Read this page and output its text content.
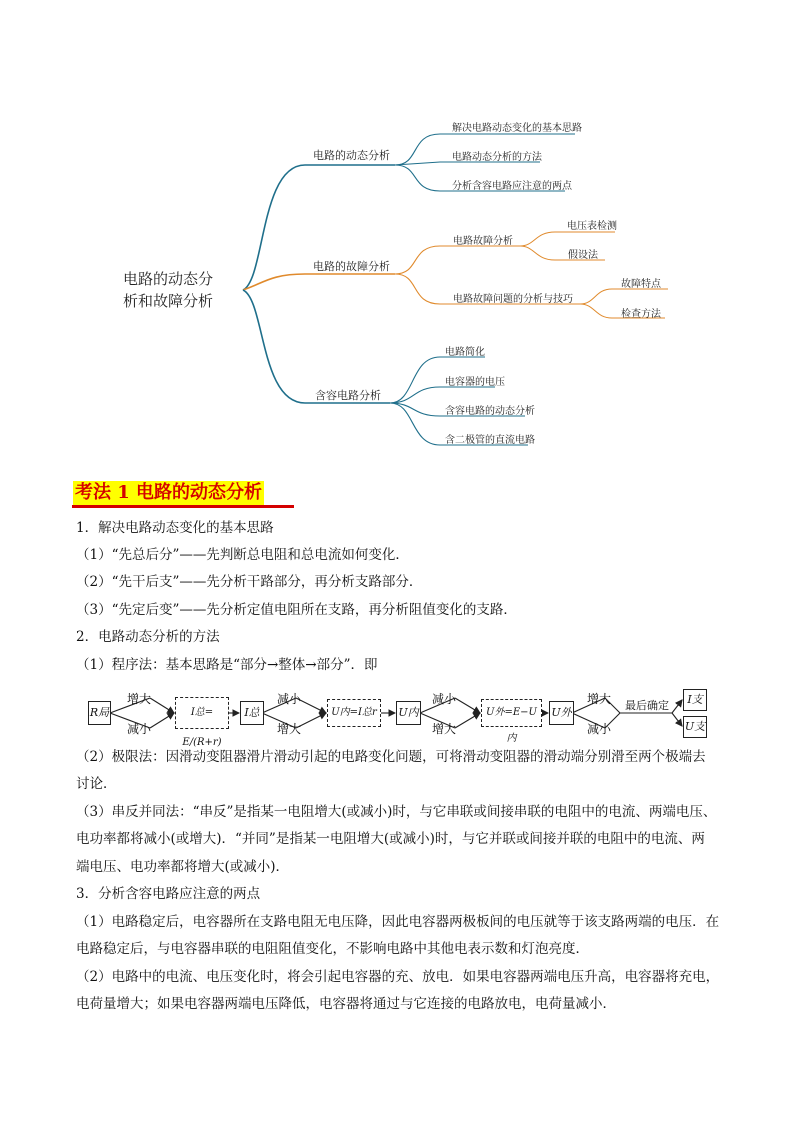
电路的动态分
析和故障分析
电路的动态分析
解决电路动态变化的基本思路
电路动态分析的方法
分析含容电路应注意的两点
电路的故障分析
电路故障分析
电路故障问题的分析与技巧
电压表检测
假设法
故障特点
检查方法
含容电路分析
电路简化
电容器的电压
含容电路的动态分析
含二极管的直流电路
考法 1 电路的动态分析
1．解决电路动态变化的基本思路
（1）“先总后分”——先判断总电阻和总电流如何变化．
（2）“先干后支”——先分析干路部分，再分析支路部分．
（3）“先定后变”——先分析定值电阻所在支路，再分析阻值变化的支路．
2．电路动态分析的方法
（1）程序法：基本思路是“部分→整体→部分”．即
R局
增大
减小
I总= E/(R+r)
I总
减小
增大
U内=I总r	U内
减小
增大
U外=E−U内
U外
增大
减小
最后确定	I支
U支
（2）极限法：因滑动变阻器滑片滑动引起的电路变化问题，可将滑动变阻器的滑动端分别滑至两个极端去
讨论．
（3）串反并同法：“串反”是指某一电阻增大(或减小)时，与它串联或间接串联的电阻中的电流、两端电压、
电功率都将减小(或增大)．“并同”是指某一电阻增大(或减小)时，与它并联或间接并联的电阻中的电流、两
端电压、电功率都将增大(或减小)．
3．分析含容电路应注意的两点
（1）电路稳定后，电容器所在支路电阻无电压降，因此电容器两极板间的电压就等于该支路两端的电压．在
电路稳定后，与电容器串联的电阻阻值变化，不影响电路中其他电表示数和灯泡亮度．
（2）电路中的电流、电压变化时，将会引起电容器的充、放电．如果电容器两端电压升高，电容器将充电，
电荷量增大；如果电容器两端电压降低，电容器将通过与它连接的电路放电，电荷量减小．
